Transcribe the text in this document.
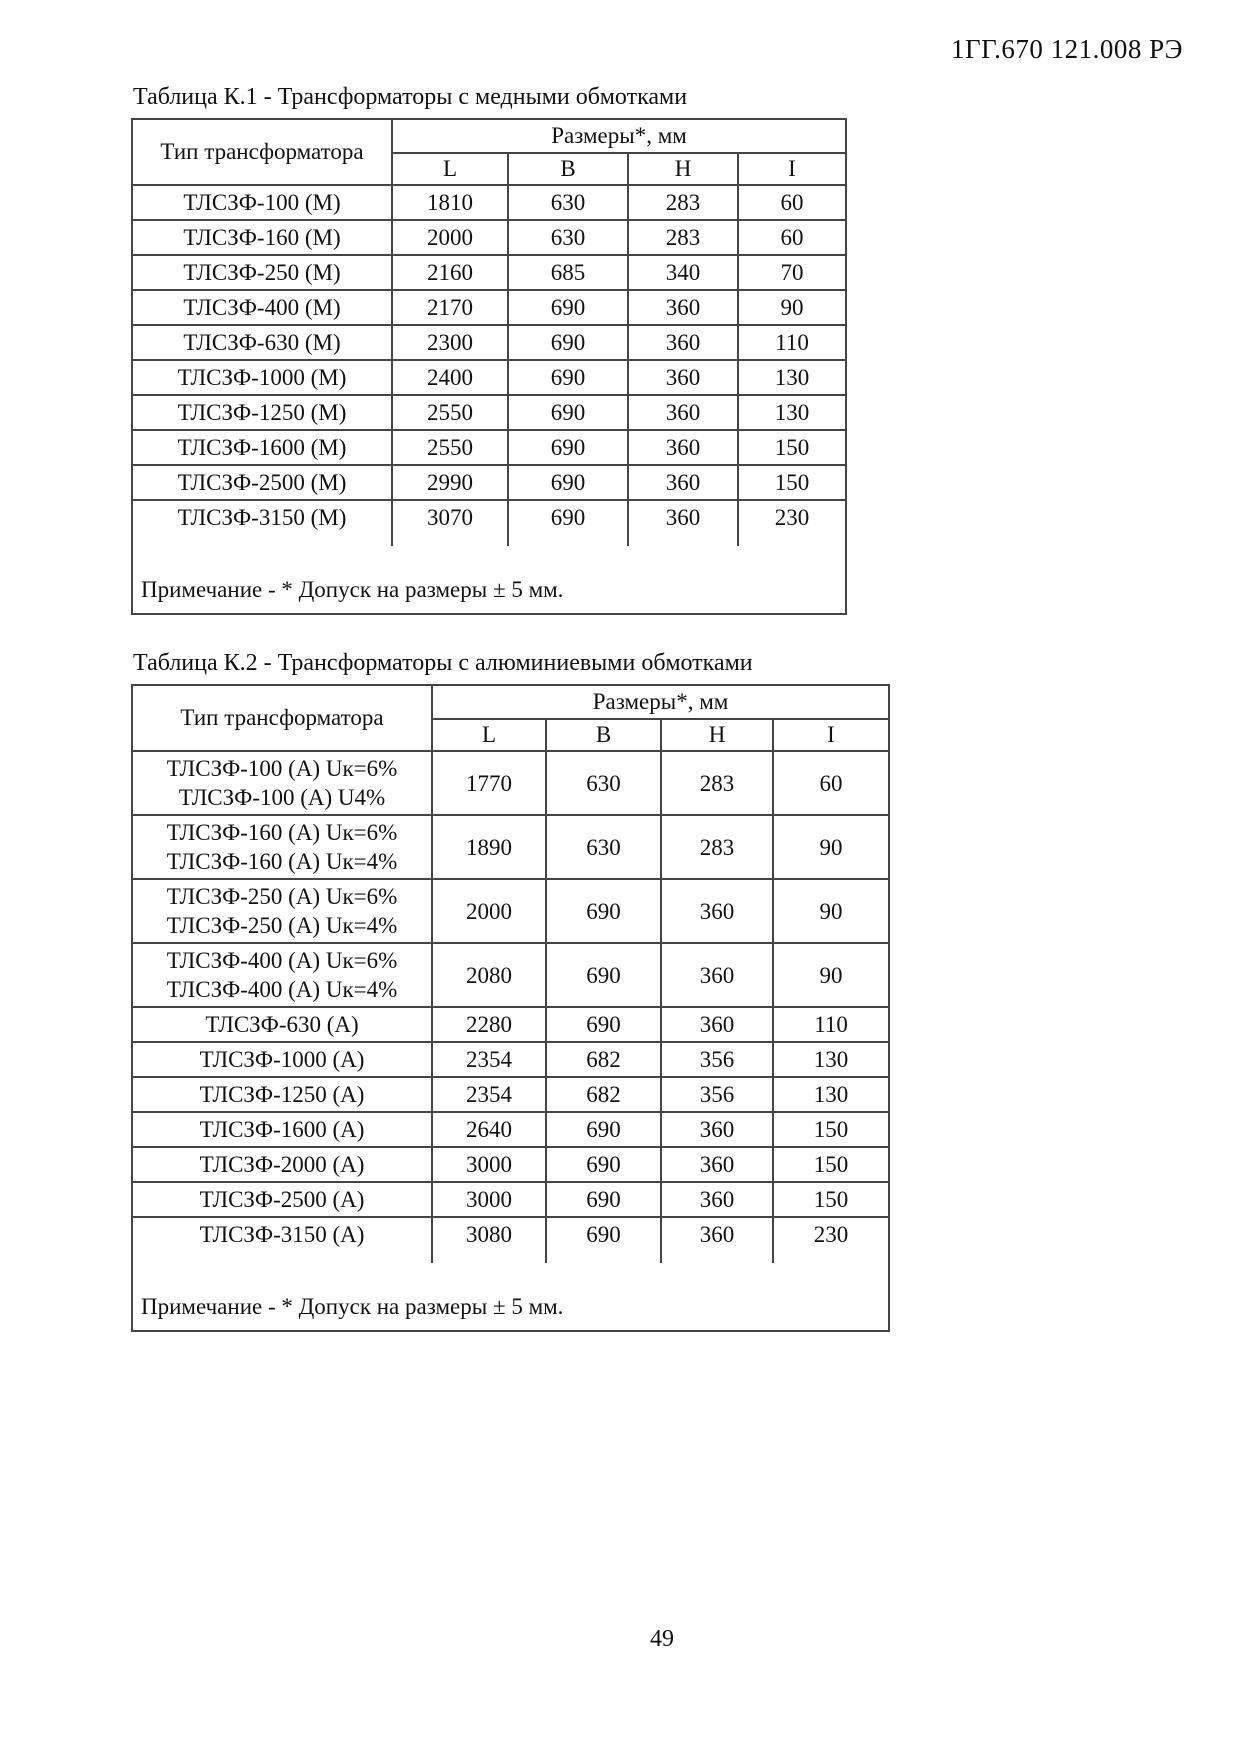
1ГГ.670 121.008 РЭ
Таблица К.1 - Трансформаторы с медными обмотками
Тип трансформатора	Размеры*, мм			
	L	B	H	I

ТЛСЗФ-100 (М)	1810	630	283	60

ТЛСЗФ-160 (М)	2000	630	283	60

ТЛСЗФ-250 (М)	2160	685	340	70

ТЛСЗФ-400 (М)	2170	690	360	90

ТЛСЗФ-630 (М)	2300	690	360	110

ТЛСЗФ-1000 (М)	2400	690	360	130

ТЛСЗФ-1250 (М)	2550	690	360	130

ТЛСЗФ-1600 (М)	2550	690	360	150

ТЛСЗФ-2500 (М)	2990	690	360	150

ТЛСЗФ-3150 (М)	3070	690	360	230

Примечание - * Допуск на размеры ± 5 мм.				
Таблица К.2 - Трансформаторы с алюминиевыми обмотками
Тип трансформатора	Размеры*, мм			
	L	B	H	I

ТЛСЗФ-100 (А) Uк=6%
ТЛСЗФ-100 (А) U4%	1770	630	283	60

ТЛСЗФ-160 (А) Uк=6%
ТЛСЗФ-160 (А) Uк=4%	1890	630	283	90

ТЛСЗФ-250 (А) Uк=6%
ТЛСЗФ-250 (А) Uк=4%	2000	690	360	90

ТЛСЗФ-400 (А) Uк=6%
ТЛСЗФ-400 (А) Uк=4%	2080	690	360	90

ТЛСЗФ-630 (А)	2280	690	360	110

ТЛСЗФ-1000 (А)	2354	682	356	130

ТЛСЗФ-1250 (А)	2354	682	356	130

ТЛСЗФ-1600 (А)	2640	690	360	150

ТЛСЗФ-2000 (А)	3000	690	360	150

ТЛСЗФ-2500 (А)	3000	690	360	150

ТЛСЗФ-3150 (А)	3080	690	360	230

Примечание - * Допуск на размеры ± 5 мм.				
49
